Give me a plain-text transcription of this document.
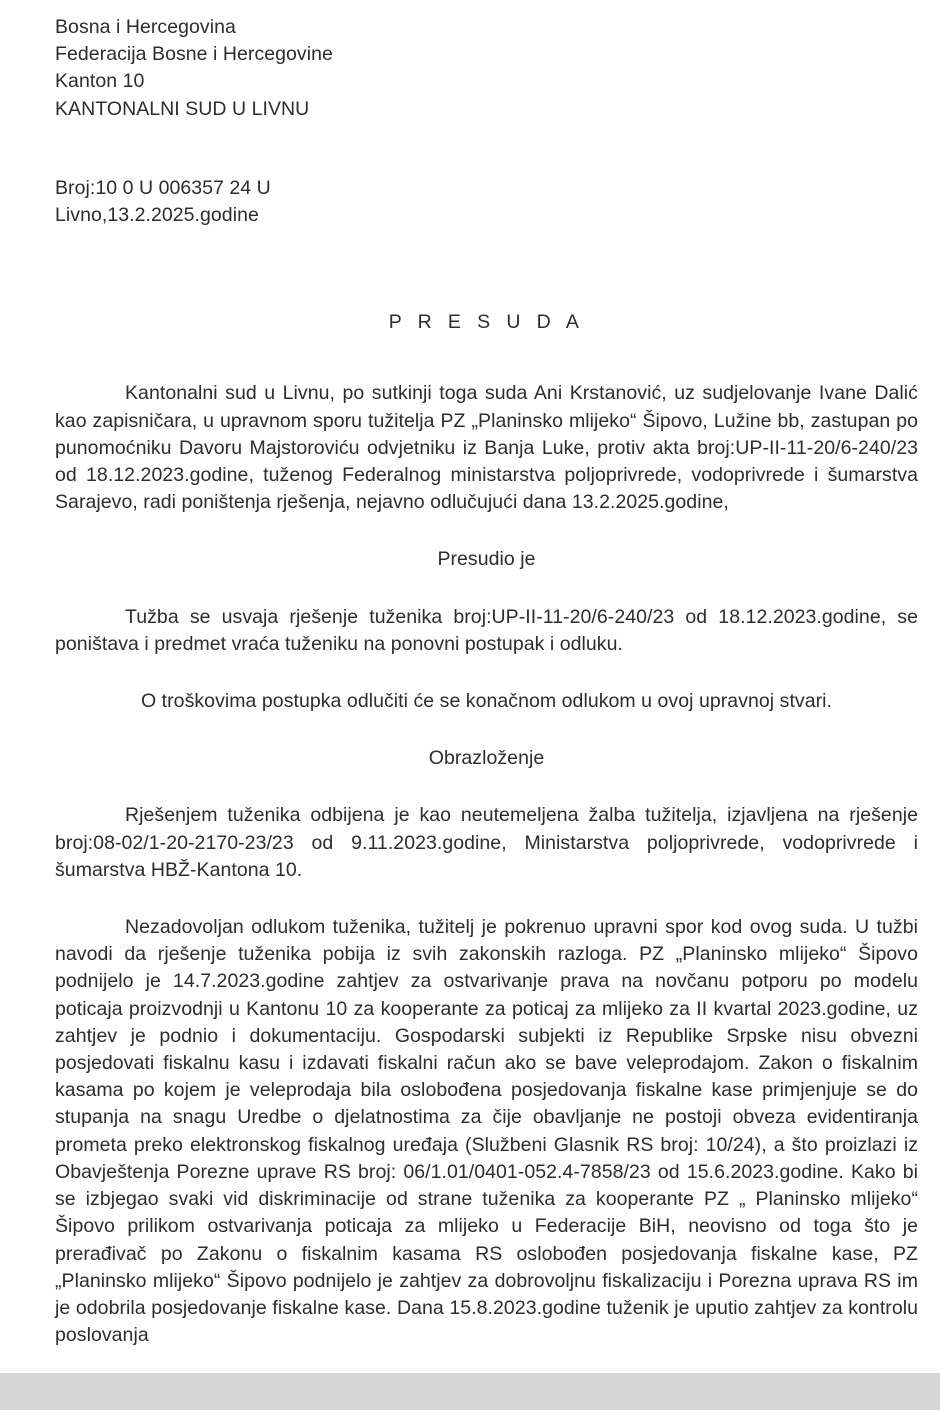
Bosna i Hercegovina
Federacija Bosne i Hercegovine
Kanton 10
KANTONALNI SUD U LIVNU
Broj:10 0 U 006357 24 U
Livno,13.2.2025.godine
P R E S U D A

Kantonalni sud u Livnu, po sutkinji toga suda Ani Krstanović, uz sudjelovanje Ivane Dalić kao zapisničara, u upravnom sporu tužitelja PZ „Planinsko mlijeko“ Šipovo, Lužine bb, zastupan po punomoćniku Davoru Majstoroviću odvjetniku iz Banja Luke, protiv akta broj:UP-II-11-20/6-240/23 od 18.12.2023.godine, tuženog Federalnog ministarstva poljoprivrede, vodoprivrede i šumarstva Sarajevo, radi poništenja rješenja, nejavno odlučujući dana 13.2.2025.godine,

Presudio je

Tužba se usvaja rješenje tuženika broj:UP-II-11-20/6-240/23 od 18.12.2023.godine, se poništava i predmet vraća tuženiku na ponovni postupak i odluku.

O troškovima postupka odlučiti će se konačnom odlukom u ovoj upravnoj stvari.
Obrazloženje

Rješenjem tuženika odbijena je kao neutemeljena žalba tužitelja, izjavljena na rješenje broj:08-02/1-20-2170-23/23 od 9.11.2023.godine, Ministarstva poljoprivrede, vodoprivrede i šumarstva HBŽ-Kantona 10.

Nezadovoljan odlukom tuženika, tužitelj je pokrenuo upravni spor kod ovog suda. U tužbi navodi da rješenje tuženika pobija iz svih zakonskih razloga. PZ „Planinsko mlijeko“ Šipovo podnijelo je 14.7.2023.godine zahtjev za ostvarivanje prava na novčanu potporu po modelu poticaja proizvodnji u Kantonu 10 za kooperante za poticaj za mlijeko za II kvartal 2023.godine, uz zahtjev je podnio i dokumentaciju. Gospodarski subjekti iz Republike Srpske nisu obvezni posjedovati fiskalnu kasu i izdavati fiskalni račun ako se bave veleprodajom. Zakon o fiskalnim kasama po kojem je veleprodaja bila oslobođena posjedovanja fiskalne kase primjenjuje se do stupanja na snagu Uredbe o djelatnostima za čije obavljanje ne postoji obveza evidentiranja prometa preko elektronskog fiskalnog uređaja (Službeni Glasnik RS broj: 10/24), a što proizlazi iz Obavještenja Porezne uprave RS broj: 06/1.01/0401-052.4-7858/23 od 15.6.2023.godine. Kako bi se izbjegao svaki vid diskriminacije od strane tuženika za kooperante PZ „ Planinsko mlijeko“ Šipovo prilikom ostvarivanja poticaja za mlijeko u Federacije BiH, neovisno od toga što je prerađivač po Zakonu o fiskalnim kasama RS oslobođen posjedovanja fiskalne kase, PZ „Planinsko mlijeko“ Šipovo podnijelo je zahtjev za dobrovoljnu fiskalizaciju i Porezna uprava RS im je odobrila posjedovanje fiskalne kase. Dana 15.8.2023.godine tuženik je uputio zahtjev za kontrolu poslovanja
